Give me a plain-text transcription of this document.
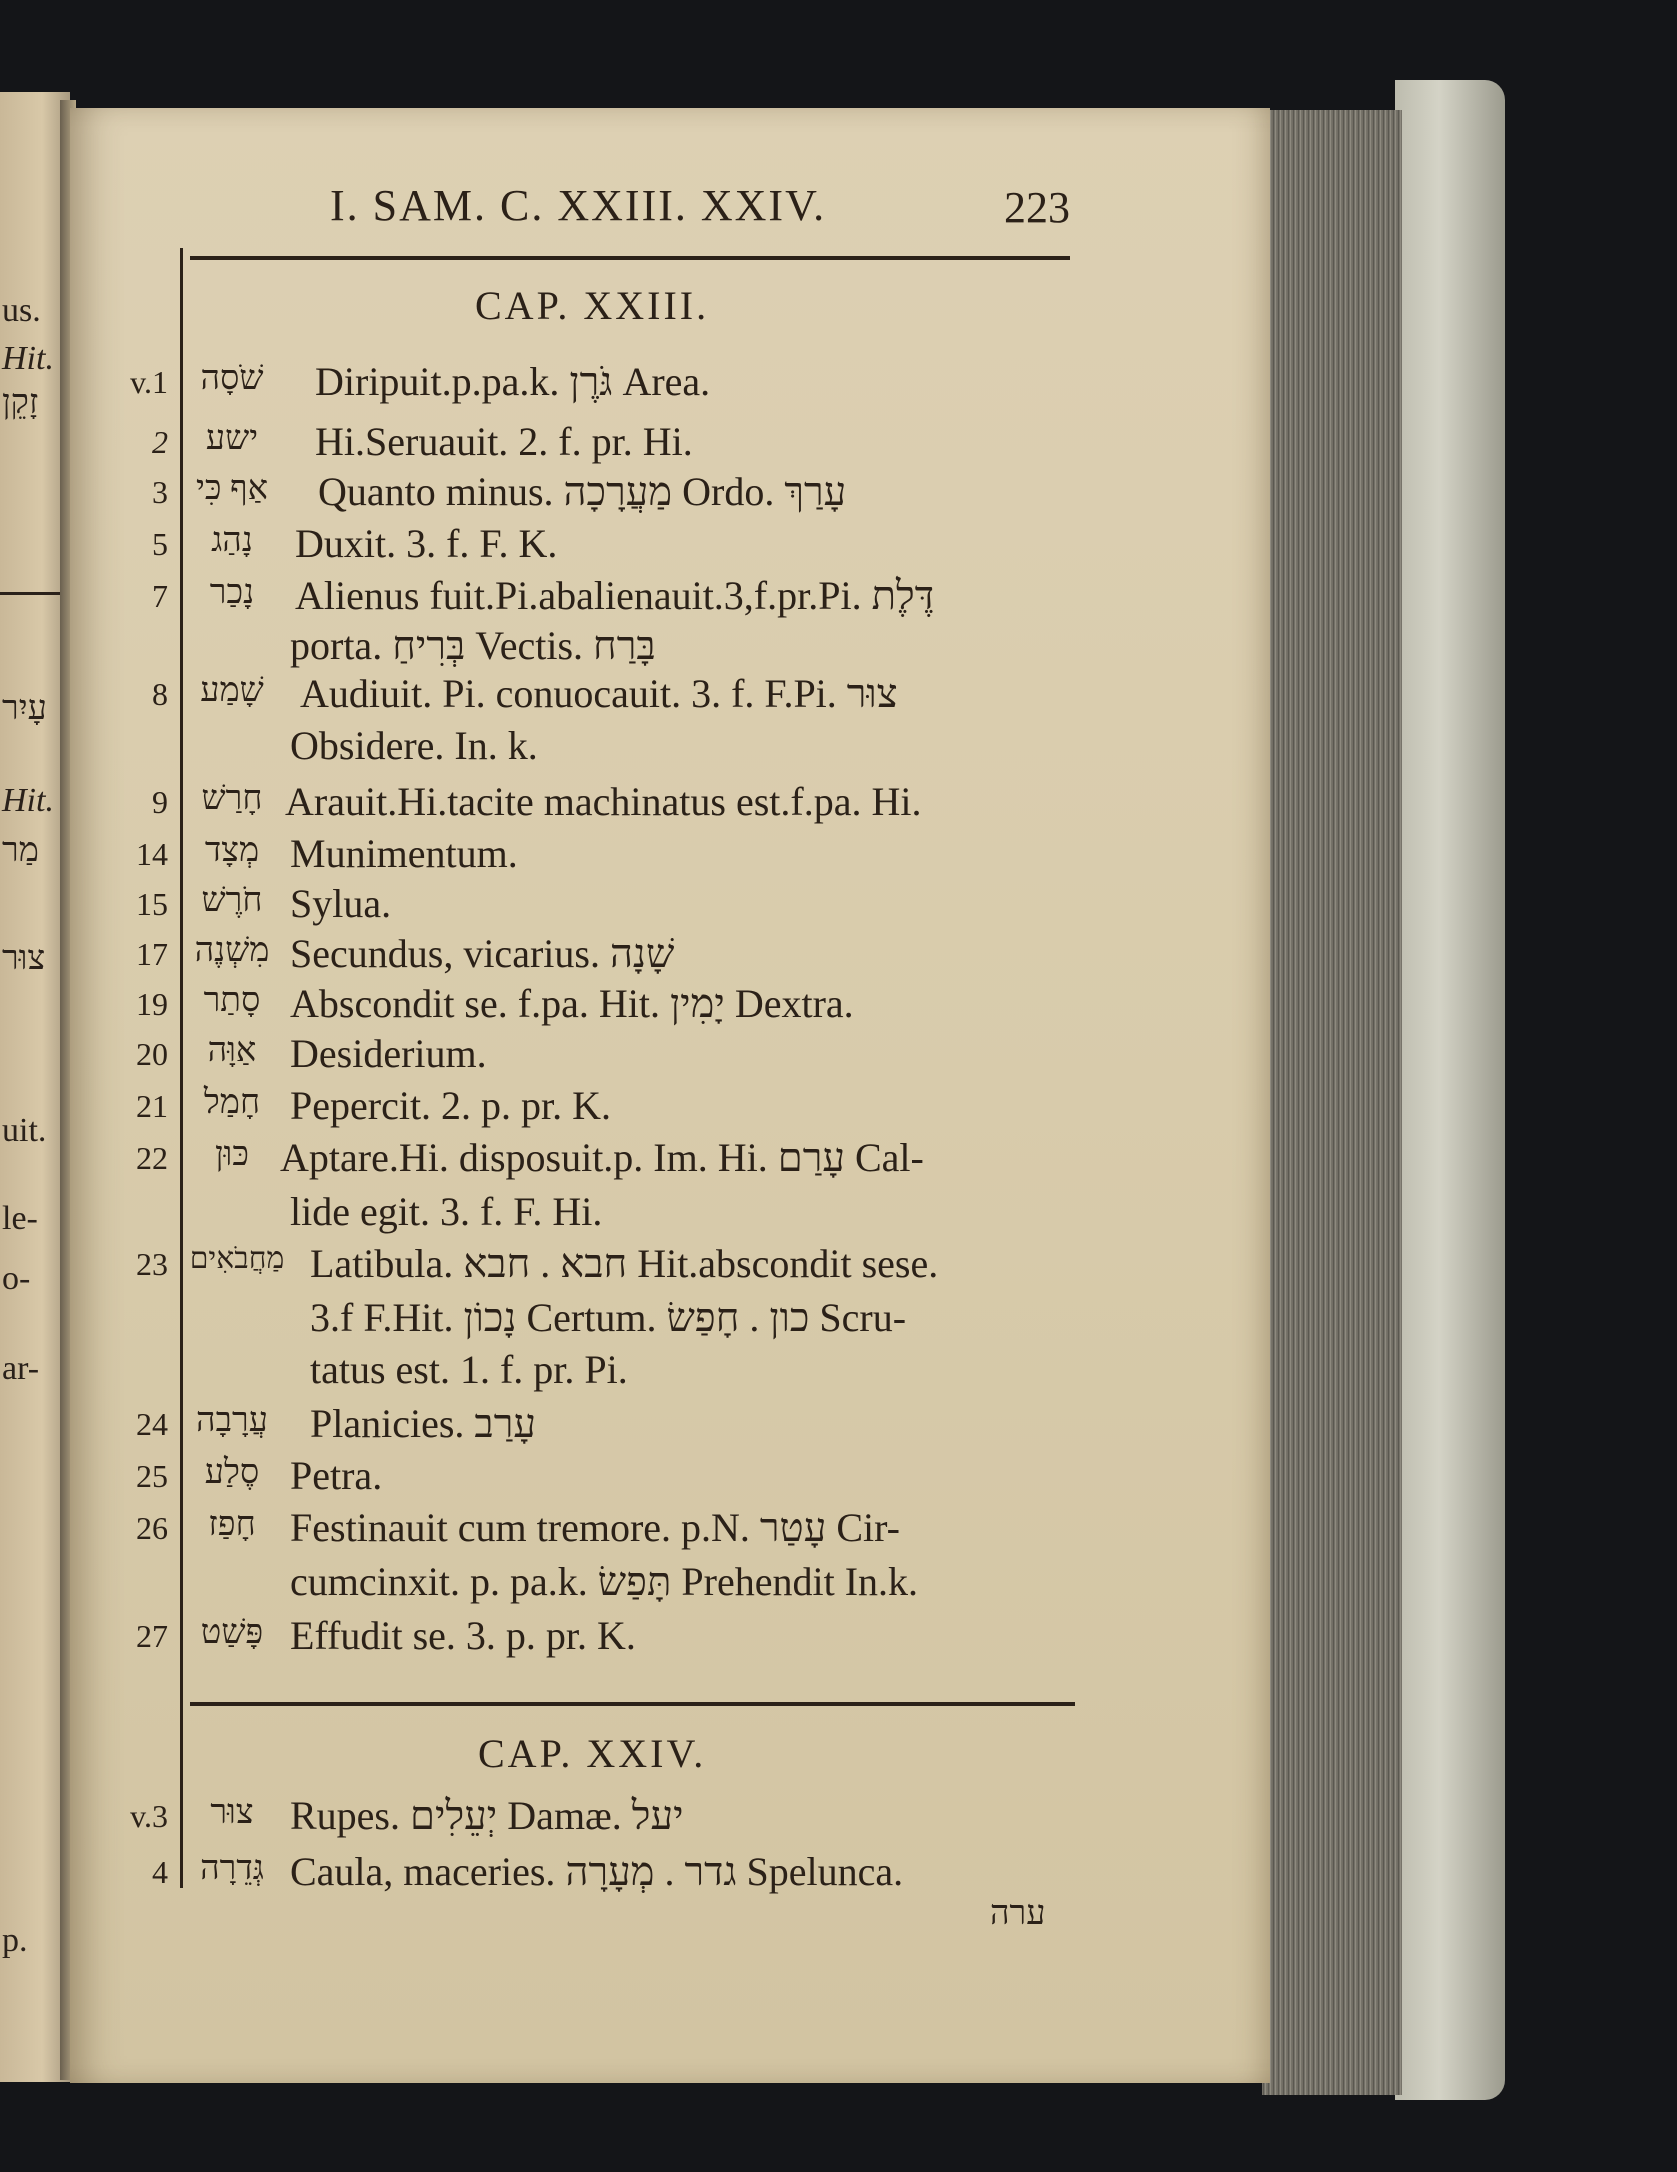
us.
Hit.
זָקֵן
עָיִר
Hit.
מַר
צוּר
uit.
le-
o-
ar-
p.
I. SAM. C. XXIII. XXIV.	223
CAP. XXIII.
v.1 שֹׁסָה	Diripuit.p.pa.k. גֹּרֶן Area.
2	ישע	Hi.Seruauit. 2. f. pr. Hi.
3 אַף כִּי	Quanto minus. מַעֲרָכָה Ordo. עָרַךְ
5	נָהַג	Duxit. 3. f. F. K.
7	נָכַר	Alienus fuit.Pi.abalienauit.3,f.pr.Pi. דֶּלֶת
porta. בְּרִיחַ Vectis. בָּרַח
8 שָׁמַע Audiuit. Pi. conuocauit. 3. f. F.Pi. צוּר
Obsidere. In. k.
9 חָרַשׁ Arauit.Hi.tacite machinatus est.f.pa. Hi.
14	מְצָד Munimentum.
15 חֹרֶשׁ Sylua.
17 מִשְׁנֶה Secundus, vicarius. שָׁנָה
19	סָתַר Abscondit se. f.pa. Hit. יָמִין Dextra.
20	אַוָּה Desiderium.
21	חָמַל Pepercit. 2. p. pr. K.
22	כּוּן Aptare.Hi. disposuit.p. Im. Hi. עָרַם Cal-
lide egit. 3. f. F. Hi.
23 מַחֲבֹאִים Latibula. חבא . חבא Hit.abscondit sese.
3.f F.Hit. נָכוֹן Certum. כון . חָפַשׂ Scru-
tatus est. 1. f. pr. Pi.
24 עֲרָבָה	Planicies. עָרַב
25	סֶלַע Petra.
26	חָפַז Festinauit cum tremore. p.N. עָטַר Cir-
cumcinxit. p. pa.k. תָּפַשׂ Prehendit In.k.
27 פָּשַׁט Effudit se. 3. p. pr. K.
CAP. XXIV.
v.3	צוּר Rupes. יְעֵלִים Damæ. יעל
4 גְּדֵרָה Caula, maceries. גדר . מְעָרָה Spelunca.
ערה
